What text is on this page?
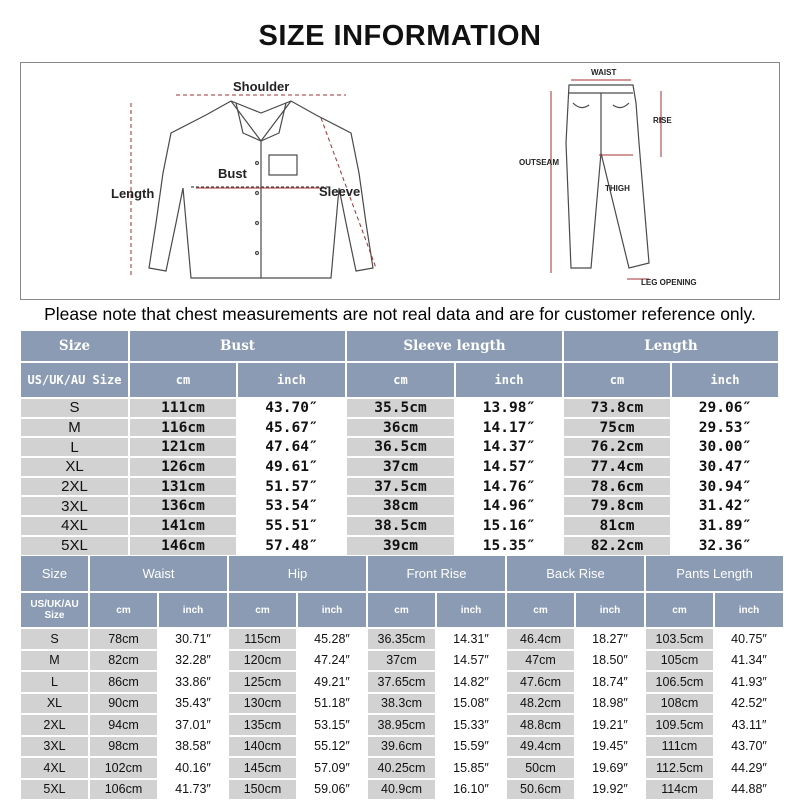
SIZE INFORMATION
Shoulder
Bust
Length	Sleeve
WAIST
RISE
OUTSEAM
THIGH
LEG OPENING
Please note that chest measurements are not real data and are for customer reference only.
Size	Bust		Sleeve length		Length	
US/UK/AU Size	cm	inch	cm	inch	cm	inch
S	111cm	43.70″	35.5cm	13.98″	73.8cm	29.06″
M	116cm	45.67″	36cm	14.17″	75cm	29.53″
L	121cm	47.64″	36.5cm	14.37″	76.2cm	30.00″
XL	126cm	49.61″	37cm	14.57″	77.4cm	30.47″
2XL	131cm	51.57″	37.5cm	14.76″	78.6cm	30.94″
3XL	136cm	53.54″	38cm	14.96″	79.8cm	31.42″
4XL	141cm	55.51″	38.5cm	15.16″	81cm	31.89″
5XL	146cm	57.48″	39cm	15.35″	82.2cm	32.36″
Size	Waist		Hip		Front Rise		Back Rise		Pants Length	
US/UK/AU Size	cm	inch	cm	inch	cm	inch	cm	inch	cm	inch
S	78cm	30.71″	115cm	45.28″	36.35cm	14.31″	46.4cm	18.27″	103.5cm	40.75″
M	82cm	32.28″	120cm	47.24″	37cm	14.57″	47cm	18.50″	105cm	41.34″
L	86cm	33.86″	125cm	49.21″	37.65cm	14.82″	47.6cm	18.74″	106.5cm	41.93″
XL	90cm	35.43″	130cm	51.18″	38.3cm	15.08″	48.2cm	18.98″	108cm	42.52″
2XL	94cm	37.01″	135cm	53.15″	38.95cm	15.33″	48.8cm	19.21″	109.5cm	43.11″
3XL	98cm	38.58″	140cm	55.12″	39.6cm	15.59″	49.4cm	19.45″	111cm	43.70″
4XL	102cm	40.16″	145cm	57.09″	40.25cm	15.85″	50cm	19.69″	112.5cm	44.29″
5XL	106cm	41.73″	150cm	59.06″	40.9cm	16.10″	50.6cm	19.92″	114cm	44.88″
